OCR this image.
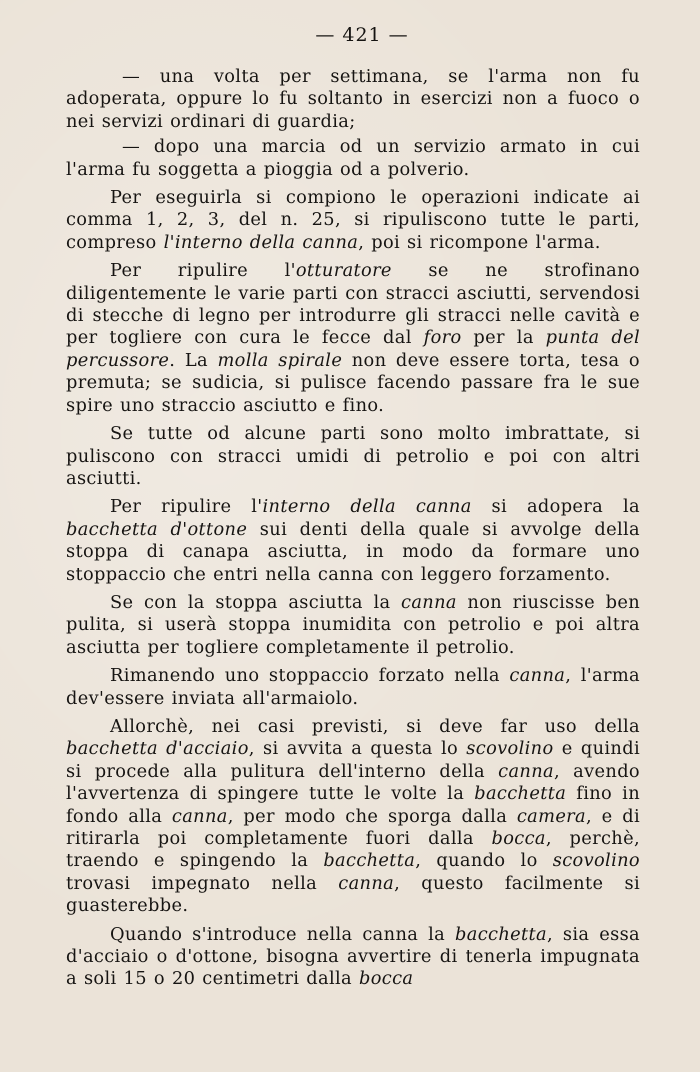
— 421 —

— una volta per settimana, se l'arma non fu adoperata, oppure lo fu soltanto in esercizi non a fuoco o nei servizi ordinari di guardia;

— dopo una marcia od un servizio armato in cui l'arma fu soggetta a pioggia od a polverio.

Per eseguirla si compiono le operazioni indicate ai comma 1, 2, 3, del n. 25, si ripuliscono tutte le parti, compreso l'interno della canna, poi si ricompone l'arma.

Per ripulire l'otturatore se ne strofinano diligentemente le varie parti con stracci asciutti, servendosi di stecche di legno per introdurre gli stracci nelle cavità e per togliere con cura le fecce dal foro per la punta del percussore. La molla spirale non deve essere torta, tesa o premuta; se sudicia, si pulisce facendo passare fra le sue spire uno straccio asciutto e fino.

Se tutte od alcune parti sono molto imbrattate, si puliscono con stracci umidi di petrolio e poi con altri asciutti.

Per ripulire l'interno della canna si adopera la bacchetta d'ottone sui denti della quale si avvolge della stoppa di canapa asciutta, in modo da formare uno stoppaccio che entri nella canna con leggero forzamento.

Se con la stoppa asciutta la canna non riuscisse ben pulita, si userà stoppa inumidita con petrolio e poi altra asciutta per togliere completamente il petrolio.

Rimanendo uno stoppaccio forzato nella canna, l'arma dev'essere inviata all'armaiolo.

Allorchè, nei casi previsti, si deve far uso della bacchetta d'acciaio, si avvita a questa lo scovolino e quindi si procede alla pulitura dell'interno della canna, avendo l'avvertenza di spingere tutte le volte la bacchetta fino in fondo alla canna, per modo che sporga dalla camera, e di ritirarla poi completamente fuori dalla bocca, perchè, traendo e spingendo la bacchetta, quando lo scovolino trovasi impegnato nella canna, questo facilmente si guasterebbe.

Quando s'introduce nella canna la bacchetta, sia essa d'acciaio o d'ottone, bisogna avvertire di tenerla impugnata a soli 15 o 20 centimetri dalla bocca
